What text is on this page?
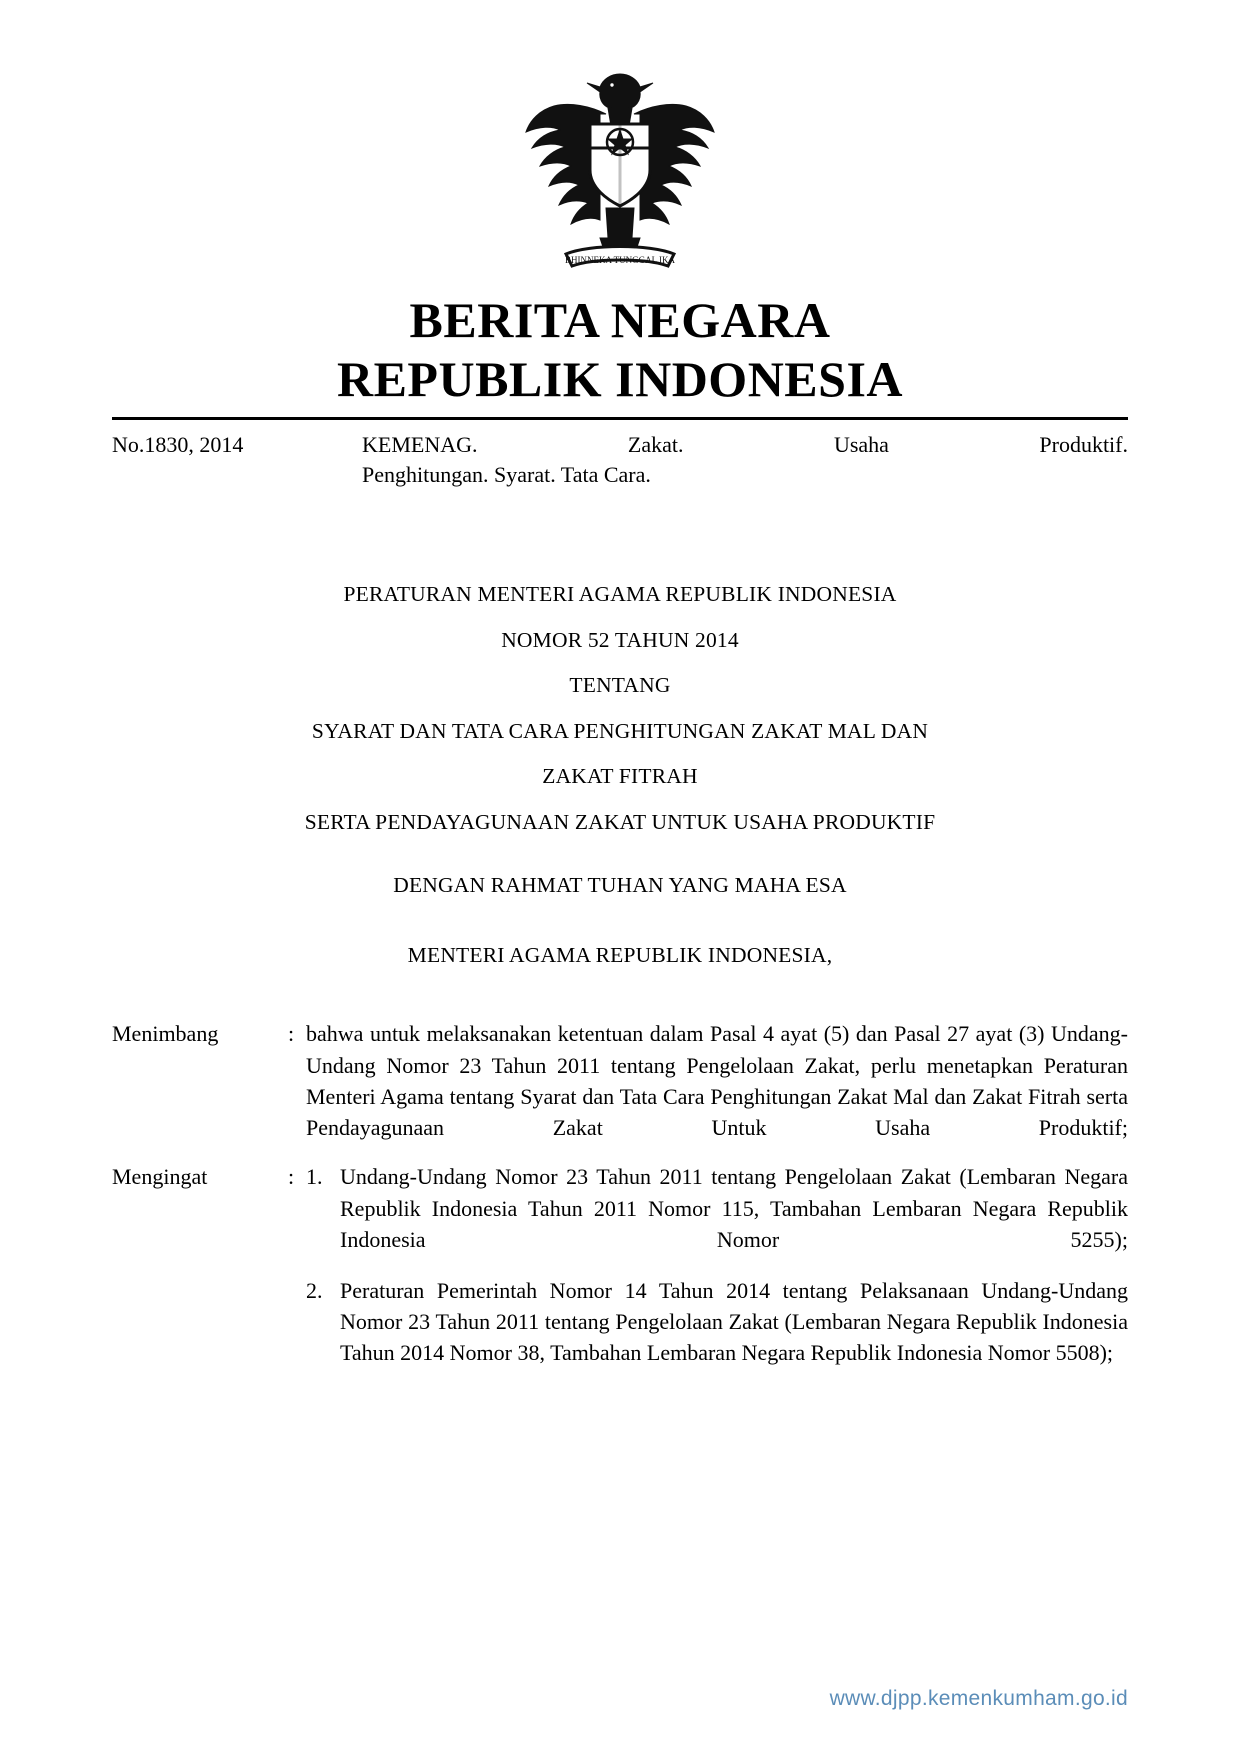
BHINNEKA TUNGGAL IKA
BERITA NEGARA
REPUBLIK INDONESIA
No.1830, 2014	KEMENAG. Zakat. Usaha Produktif.
Penghitungan. Syarat. Tata Cara.
PERATURAN MENTERI AGAMA REPUBLIK INDONESIA
NOMOR 52 TAHUN 2014
TENTANG
SYARAT DAN TATA CARA PENGHITUNGAN ZAKAT MAL DAN
ZAKAT FITRAH
SERTA PENDAYAGUNAAN ZAKAT UNTUK USAHA PRODUKTIF
DENGAN RAHMAT TUHAN YANG MAHA ESA
MENTERI AGAMA REPUBLIK INDONESIA,
Menimbang	: bahwa untuk melaksanakan ketentuan dalam Pasal 4 ayat (5) dan Pasal 27 ayat (3) Undang-Undang Nomor 23 Tahun 2011 tentang Pengelolaan Zakat, perlu menetapkan Peraturan Menteri Agama tentang Syarat dan Tata Cara Penghitungan Zakat Mal dan Zakat Fitrah serta Pendayagunaan Zakat Untuk Usaha Produktif;
Mengingat	: 1. Undang-Undang Nomor 23 Tahun 2011 tentang Pengelolaan Zakat (Lembaran Negara Republik Indonesia Tahun 2011 Nomor 115, Tambahan Lembaran Negara Republik Indonesia Nomor 5255);
2. Peraturan Pemerintah Nomor 14 Tahun 2014 tentang Pelaksanaan Undang-Undang Nomor 23 Tahun 2011 tentang Pengelolaan Zakat (Lembaran Negara Republik Indonesia Tahun 2014 Nomor 38, Tambahan Lembaran Negara Republik Indonesia Nomor 5508);
www.djpp.kemenkumham.go.id
